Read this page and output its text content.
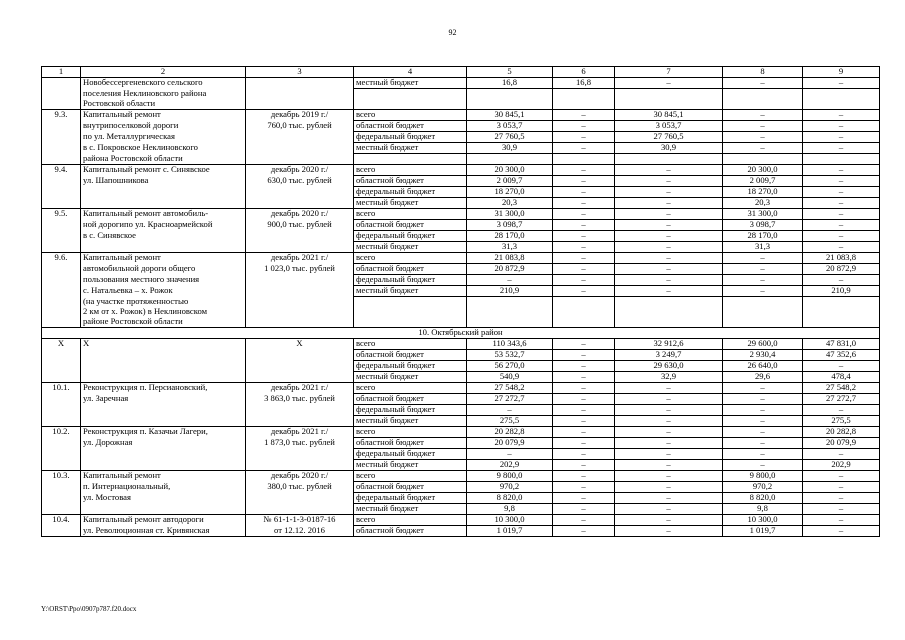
92
1	2	3	4	5	6	7	8	9
	Новобессергеневского сельского		местный бюджет	16,8	16,8	–	–	–
	поселения Неклиновского района							
	Ростовской области							
9.3.	Капитальный ремонт	декабрь 2019 г./	всего	30 845,1	–	30 845,1	–	–
	внутрипоселковой дороги	760,0 тыс. рублей	областной бюджет	3 053,7	–	3 053,7	–	–
	по ул. Металлургическая		федеральный бюджет	27 760,5	–	27 760,5	–	–
	в с. Покровское Неклиновского		местный бюджет	30,9	–	30,9	–	–
	района Ростовской области							
9.4.	Капитальный ремонт с. Синявское	декабрь 2020 г./	всего	20 300,0	–	–	20 300,0	–
	ул. Шапошникова	630,0 тыс. рублей	областной бюджет	2 009,7	–	–	2 009,7	–
			федеральный бюджет	18 270,0	–	–	18 270,0	–
			местный бюджет	20,3	–	–	20,3	–
9.5.	Капитальный ремонт автомобиль-	декабрь 2020 г./	всего	31 300,0	–	–	31 300,0	–
	ной дорогипо ул. Красноармейской	900,0 тыс. рублей	областной бюджет	3 098,7	–	–	3 098,7	–
	в с. Синявское		федеральный бюджет	28 170,0	–	–	28 170,0	–
			местный бюджет	31,3	–	–	31,3	–
9.6.	Капитальный ремонт	декабрь 2021 г./	всего	21 083,8	–	–	–	21 083,8
	автомобильной дороги общего	1 023,0 тыс. рублей	областной бюджет	20 872,9	–	–	–	20 872,9
	пользования местного значения		федеральный бюджет	–	–	–	–	–
	с. Натальевка – х. Рожок		местный бюджет	210,9	–	–	–	210,9
	(на участке протяженностью							
	2 км от х. Рожок) в Неклиновском							
	районе Ростовской области							
10. Октябрьский район								
Х	Х	Х	всего	110 343,6	–	32 912,6	29 600,0	47 831,0
			областной бюджет	53 532,7	–	3 249,7	2 930,4	47 352,6
			федеральный бюджет	56 270,0	–	29 630,0	26 640,0	–
			местный бюджет	540,9	–	32,9	29,6	478,4
10.1.	Реконструкция п. Персиановский,	декабрь 2021 г./	всего	27 548,2	–	–	–	27 548,2
	ул. Заречная	3 863,0 тыс. рублей	областной бюджет	27 272,7	–	–	–	27 272,7
			федеральный бюджет	–	–	–	–	–
			местный бюджет	275,5	–	–	–	275,5
10.2.	Реконструкция п. Казачьи Лагери,	декабрь 2021 г./	всего	20 282,8	–	–	–	20 282,8
	ул. Дорожная	1 873,0 тыс. рублей	областной бюджет	20 079,9	–	–	–	20 079,9
			федеральный бюджет	–	–	–	–	–
			местный бюджет	202,9	–	–	–	202,9
10.3.	Капитальный ремонт	декабрь 2020 г./	всего	9 800,0	–	–	9 800,0	–
	п. Интернациональный,	380,0 тыс. рублей	областной бюджет	970,2	–	–	970,2	–
	ул. Мостовая		федеральный бюджет	8 820,0	–	–	8 820,0	–
			местный бюджет	9,8	–	–	9,8	–
10.4.	Капитальный ремонт автодороги	№ 61-1-1-3-0187-16	всего	10 300,0	–	–	10 300,0	–
	ул. Революционная ст. Кривянская	от 12.12. 2016	областной бюджет	1 019,7	–	–	1 019,7	–
Y:\ORST\Ppo\0907p787.f20.docx
